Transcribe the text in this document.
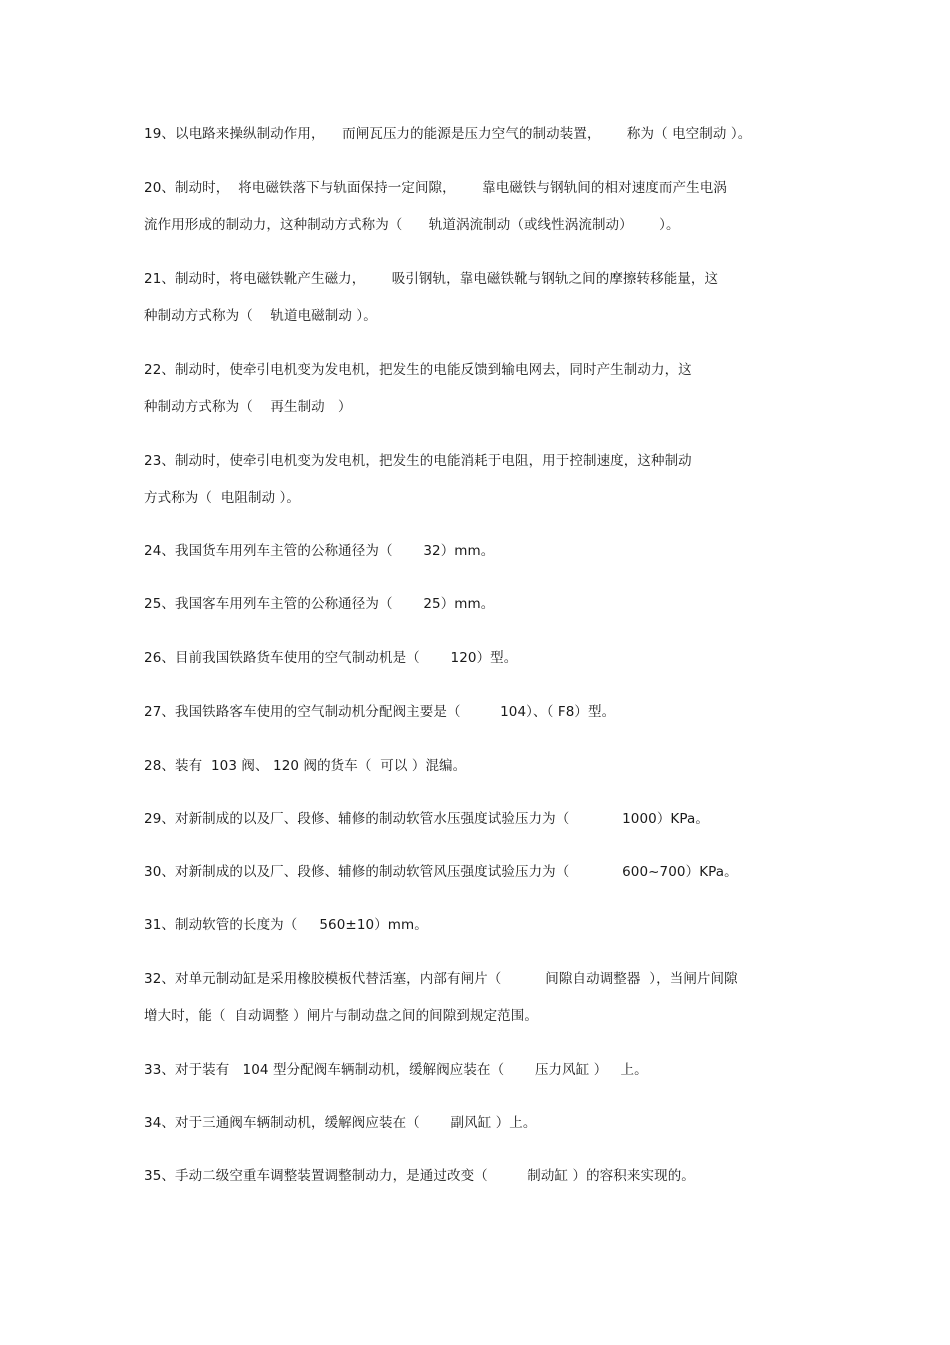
19、以电路来操纵制动作用，    而闸瓦压力的能源是压力空气的制动装置，      称为（ 电空制动 ）。
20、制动时，  将电磁铁落下与轨面保持一定间隙，      靠电磁铁与钢轨间的相对速度而产生电涡
流作用形成的制动力，这种制动方式称为（      轨道涡流制动（或线性涡流制动）      ）。
21、制动时，将电磁铁靴产生磁力，      吸引钢轨，靠电磁铁靴与钢轨之间的摩擦转移能量，这
种制动方式称为（    轨道电磁制动 ）。
22、制动时，使牵引电机变为发电机，把发生的电能反馈到输电网去，同时产生制动力，这
种制动方式称为（    再生制动   ）
23、制动时，使牵引电机变为发电机，把发生的电能消耗于电阻，用于控制速度，这种制动
方式称为（  电阻制动 ）。
24、我国货车用列车主管的公称通径为（       32）mm。
25、我国客车用列车主管的公称通径为（       25）mm。
26、目前我国铁路货车使用的空气制动机是（       120）型。
27、我国铁路客车使用的空气制动机分配阀主要是（         104）、（ F8）型。
28、装有  103 阀、 120 阀的货车（  可以 ）混编。
29、对新制成的以及厂、段修、辅修的制动软管水压强度试验压力为（            1000）KPa。
30、对新制成的以及厂、段修、辅修的制动软管风压强度试验压力为（            600~700）KPa。
31、制动软管的长度为（     560±10）mm。
32、对单元制动缸是采用橡胶模板代替活塞，内部有闸片（          间隙自动调整器  ），当闸片间隙
增大时，能（  自动调整 ）闸片与制动盘之间的间隙到规定范围。
33、对于装有   104 型分配阀车辆制动机，缓解阀应装在（       压力风缸 ）   上。
34、对于三通阀车辆制动机，缓解阀应装在（       副风缸 ）上。
35、手动二级空重车调整装置调整制动力，是通过改变（         制动缸 ）的容积来实现的。
